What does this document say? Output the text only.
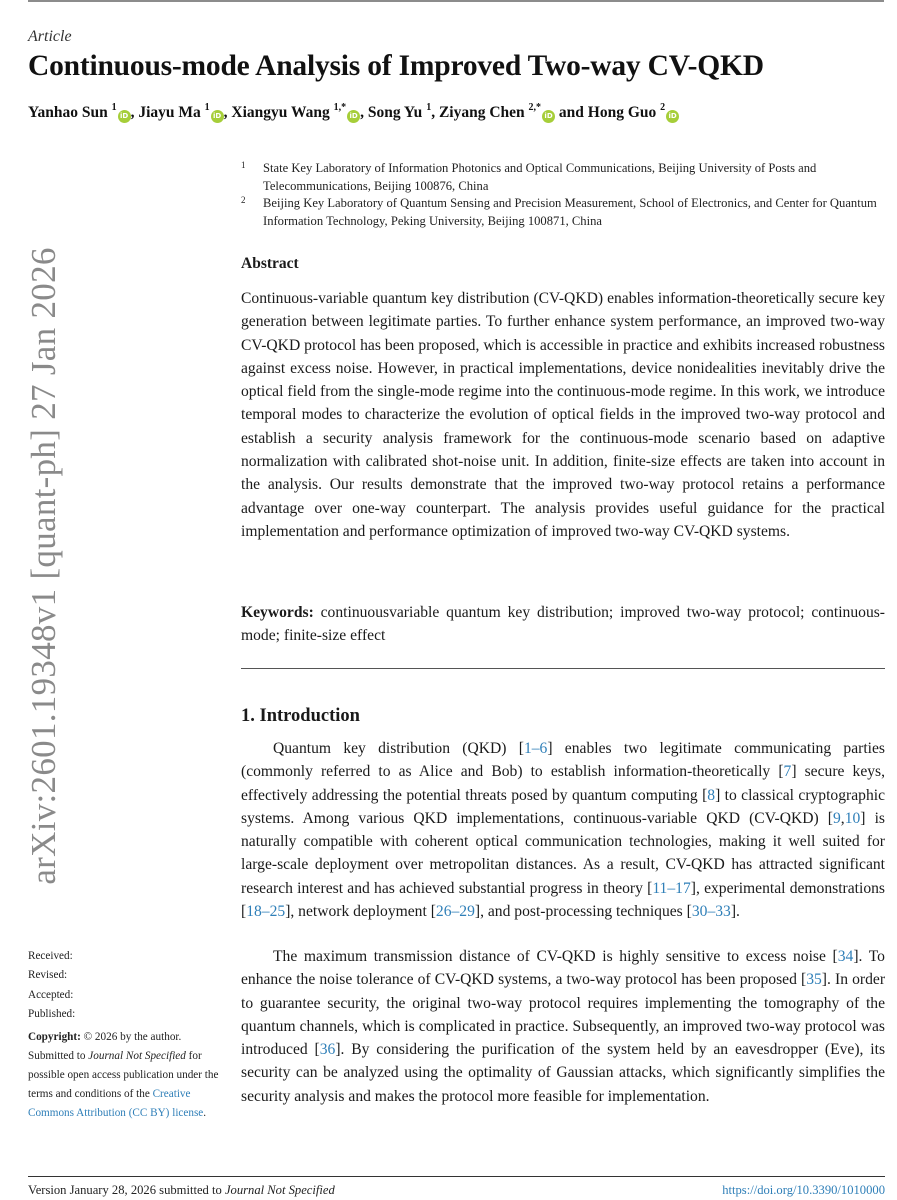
Article
Continuous-mode Analysis of Improved Two-way CV-QKD
Yanhao Sun $^1$iD , Jiayu Ma $^1$iD , Xiangyu Wang $^{1,*}$iD , Song Yu $^1$, Ziyang Chen $^{2,*}$iD and Hong Guo $^2$iD
1 State Key Laboratory of Information Photonics and Optical Communications, Beijing University of Posts and Telecommunications, Beijing 100876, China
2 Beijing Key Laboratory of Quantum Sensing and Precision Measurement, School of Electronics, and Center for Quantum Information Technology, Peking University, Beijing 100871, China
Abstract
Continuous-variable quantum key distribution (CV-QKD) enables information-theoretically secure key generation between legitimate parties. To further enhance system performance, an improved two-way CV-QKD protocol has been proposed, which is accessible in practice and exhibits increased robustness against excess noise. However, in practical implementations, device nonidealities inevitably drive the optical field from the single-mode regime into the continuous-mode regime. In this work, we introduce temporal modes to characterize the evolution of optical fields in the improved two-way protocol and establish a security analysis framework for the continuous-mode scenario based on adaptive normalization with calibrated shot-noise unit. In addition, finite-size effects are taken into account in the analysis. Our results demonstrate that the improved two-way protocol retains a performance advantage over one-way counterpart. The analysis provides useful guidance for the practical implementation and performance optimization of improved two-way CV-QKD systems.
Keywords: continuousvariable quantum key distribution; improved two-way protocol; continuous-mode; finite-size effect
1. Introduction
Quantum key distribution (QKD) [1–6] enables two legitimate communicating parties (commonly referred to as Alice and Bob) to establish information-theoretically [7] secure keys, effectively addressing the potential threats posed by quantum computing [8] to classical cryptographic systems. Among various QKD implementations, continuous-variable QKD (CV-QKD) [9,10] is naturally compatible with coherent optical communication technologies, making it well suited for large-scale deployment over metropolitan distances. As a result, CV-QKD has attracted significant research interest and has achieved substantial progress in theory [11–17], experimental demonstrations [18–25], network deployment [26–29], and post-processing techniques [30–33].
The maximum transmission distance of CV-QKD is highly sensitive to excess noise [34]. To enhance the noise tolerance of CV-QKD systems, a two-way protocol has been proposed [35]. In order to guarantee security, the original two-way protocol requires implementing the tomography of the quantum channels, which is complicated in practice. Subsequently, an improved two-way protocol was introduced [36]. By considering the purification of the system held by an eavesdropper (Eve), its security can be analyzed using the optimality of Gaussian attacks, which significantly simplifies the security analysis and makes the protocol more feasible for implementation.
arXiv:2601.19348v1 [quant-ph] 27 Jan 2026
Received:
Revised:
Accepted:
Published:
Copyright: © 2026 by the author. Submitted to Journal Not Specified for possible open access publication under the terms and conditions of the Creative Commons Attribution (CC BY) license.
Version January 28, 2026 submitted to Journal Not Specified	https://doi.org/10.3390/1010000
